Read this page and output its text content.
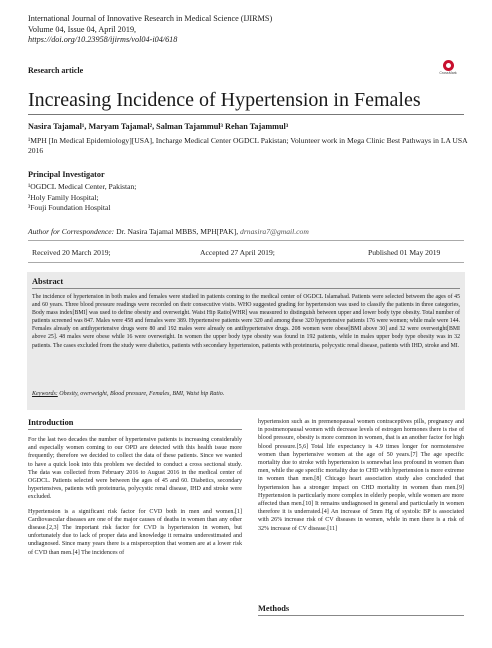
International Journal of Innovative Research in Medical Science (IJIRMS)
Volume 04, Issue 04, April 2019,
https://doi.org/10.23958/ijirms/vol04-i04/618
Research article	CrossMark
Increasing Incidence of Hypertension in Females
Nasira Tajamal¹, Maryam Tajamal², Salman Tajammul³ Rehan Tajammul³
¹MPH [In Medical Epidemiology][USA], Incharge Medical Center OGDCL Pakistan; Volunteer work in Mega Clinic Best Pathways in LA USA 2016
Principal Investigator
¹OGDCL Medical Center, Pakistan;
²Holy Family Hospital;
³Fouji Foundation Hospital
Author for Correspondence: Dr. Nasira Tajamal MBBS, MPH[PAK], drnasira7@gmail.com
Received 20 March 2019;	Accepted 27 April 2019;	Published 01 May 2019
Abstract
The incidence of hypertension in both males and females were studied in patients coming to the medical center of OGDCL Islamabad. Patients were selected between the ages of 45 and 60 years. Three blood pressure readings were recorded on their consecutive visits. WHO suggested grading for hypertension was used to classify the patients in three categories, Body mass index[BMI] was used to define obesity and overweight. Waist Hip Ratio[WHR] was measured to distinguish between upper and lower body type obesity. Total number of patients screened was 847. Males were 458 and females were 389. Hypertensive patients were 320 and among these 320 hypertensive patients 176 were women; while male were 144. Females already on antihypertensive drugs were 80 and 192 males were already on antihypertensive drugs. 208 women were obese[BMI above 30] and 32 were overweight[BMI above 25]. 48 males were obese while 16 were overweight. In women the upper body type obesity was found in 192 patients, while in males upper body type obesity was in 32 patients. The cases excluded from the study were diabetics, patients with secondary hypertension, patients with proteinuria, polycystic renal disease, patients with IHD, stroke and MI.
Keywords: Obesity, overweight, Blood pressure, Females, BMI, Waist hip Ratio.
Introduction

For the last two decades the number of hypertensive patients is increasing considerably and especially women coming to our OPD are detected with this health issue more frequently; therefore we decided to collect the data of these patients. Since we wanted to have a quick look into this problem we decided to conduct a cross sectional study. The data was collected from February 2016 to August 2016 in the medical center of OGDCL. Patients selected were between the ages of 45 and 60. Diabetics, secondary hypertensives, patients with proteinuria, polycystic renal disease, IHD and stroke were excluded.

Hypertension is a significant risk factor for CVD both in men and women.[1] Cardiovascular diseases are one of the major causes of deaths in women than any other disease.[2,3] The important risk factor for CVD is hypertension in women, but unfortunately due to lack of proper data and knowledge it remains underestimated and undiagnosed. Since many years there is a misperception that women are at a lower risk of CVD than men.[4] The incidences of

hypertension such as in premenopausal women contraceptives pills, pregnancy and in postmenopausal women with decrease levels of estrogen hormones there is rise of blood pressure, obesity is more common in women, that is an another factor for high blood pressure.[5,6] Total life expectancy is 4.9 times longer for normotensive women than hypertensive women at the age of 50 years.[7] The age specific mortality due to stroke with hypertension is somewhat less profound in women than men, while the age specific mortality due to CHD with hypertension is more extreme in women than men.[8] Chicago heart association study also concluded that hypertension has a stronger impact on CHD mortality in women than men.[9] Hypertension is particularly more complex in elderly people, while women are more affected than men.[10] It remains undiagnosed in general and particularly in women therefore it is underrated.[4] An increase of 5mm Hg of systolic BP is associated with 26% increase risk of CV diseases in women, while in men there is a risk of 32% increase of CV disease.[11]

Methods
